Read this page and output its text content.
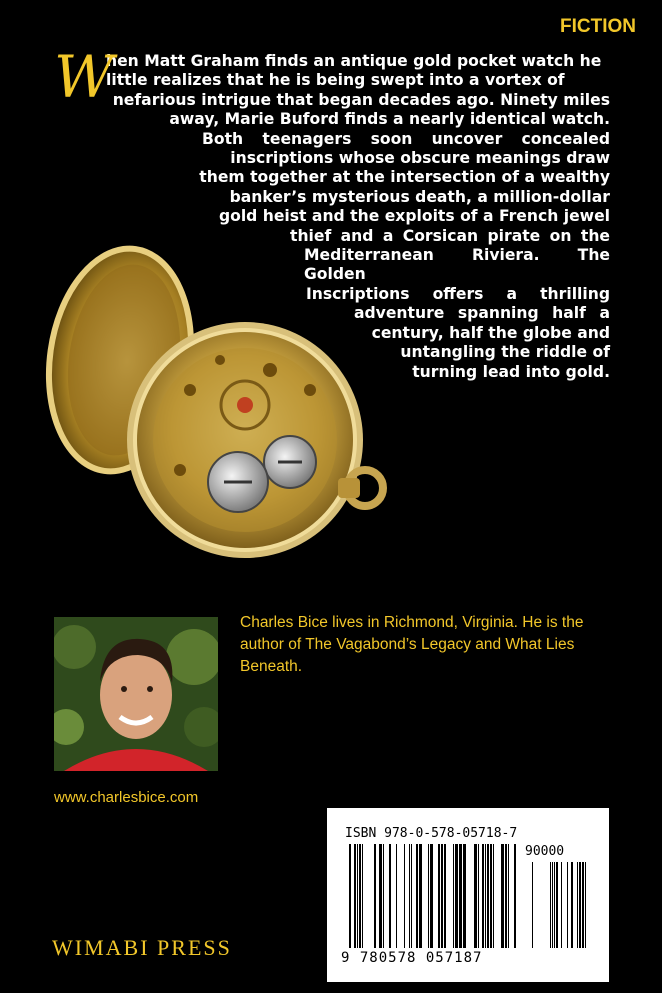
FICTION
W
hen Matt Graham finds an antique gold pocket watch he
little realizes that he is being swept into a vortex of
nefarious intrigue that began decades ago. Ninety miles
away, Marie Buford finds a nearly identical watch.
Both teenagers soon uncover concealed
inscriptions whose obscure meanings draw
them together at the intersection of a wealthy
banker’s mysterious death, a million-dollar
gold heist and the exploits of a French jewel
thief and a Corsican pirate on the
Mediterranean Riviera. The Golden
Inscriptions offers a thrilling
adventure spanning half a
century, half the globe and
untangling the riddle of
turning lead into gold.
Charles Bice lives in Richmond, Virginia. He is the author of The Vagabond’s Legacy and What Lies Beneath.
www.charlesbice.com
WIMABI PRESS
ISBN 978-0-578-05718-7
90000
9 780578 057187
